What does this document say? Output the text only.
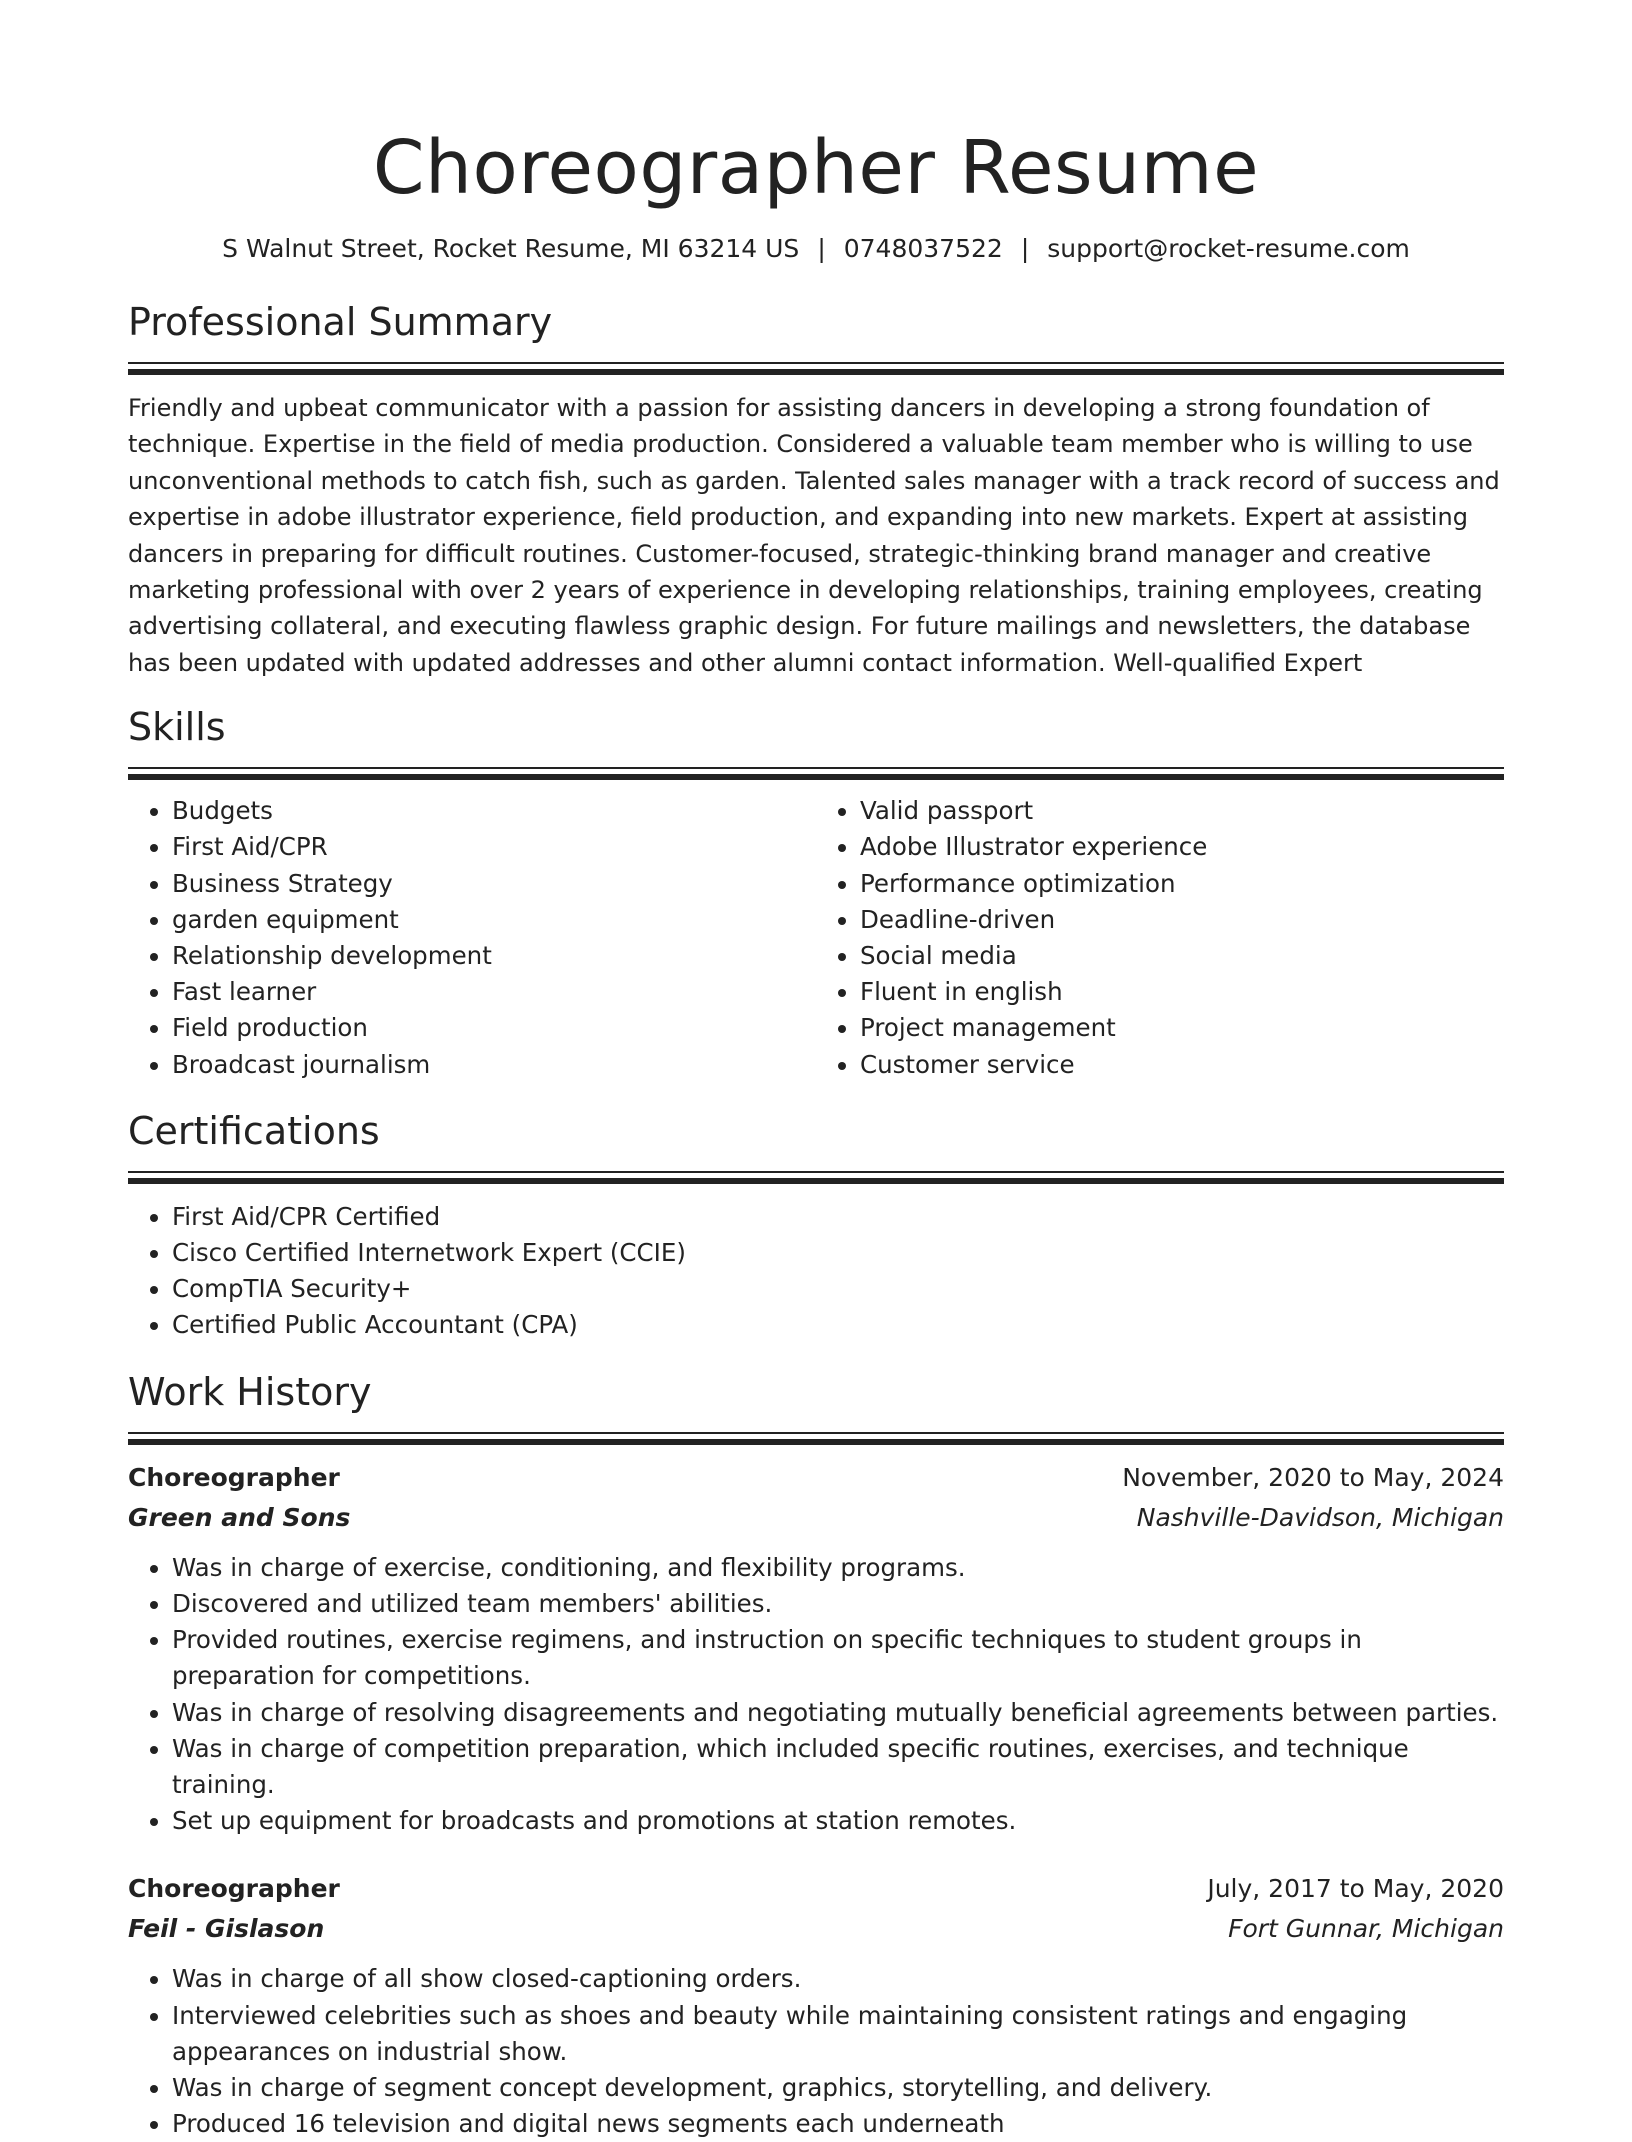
Choreographer Resume
S Walnut Street, Rocket Resume, MI 63214 US | 0748037522 | support@rocket-resume.com
Professional Summary
Friendly and upbeat communicator with a passion for assisting dancers in developing a strong foundation of technique. Expertise in the field of media production. Considered a valuable team member who is willing to use unconventional methods to catch fish, such as garden. Talented sales manager with a track record of success and expertise in adobe illustrator experience, field production, and expanding into new markets. Expert at assisting dancers in preparing for difficult routines. Customer-focused, strategic-thinking brand manager and creative marketing professional with over 2 years of experience in developing relationships, training employees, creating advertising collateral, and executing flawless graphic design. For future mailings and newsletters, the database has been updated with updated addresses and other alumni contact information. Well-qualified Expert
Skills
• Budgets
• First Aid/CPR
• Business Strategy
• garden equipment
• Relationship development
• Fast learner
• Field production
• Broadcast journalism
• Valid passport
• Adobe Illustrator experience
• Performance optimization
• Deadline-driven
• Social media
• Fluent in english
• Project management
• Customer service
Certifications
• First Aid/CPR Certified
• Cisco Certified Internetwork Expert (CCIE)
• CompTIA Security+
• Certified Public Accountant (CPA)
Work History
Choreographer	November, 2020 to May, 2024
Green and Sons	Nashville-Davidson, Michigan
• Was in charge of exercise, conditioning, and flexibility programs.
• Discovered and utilized team members' abilities.
• Provided routines, exercise regimens, and instruction on specific techniques to student groups in preparation for competitions.
• Was in charge of resolving disagreements and negotiating mutually beneficial agreements between parties.
• Was in charge of competition preparation, which included specific routines, exercises, and technique training.
• Set up equipment for broadcasts and promotions at station remotes.
Choreographer	July, 2017 to May, 2020
Feil - Gislason	Fort Gunnar, Michigan
• Was in charge of all show closed-captioning orders.
• Interviewed celebrities such as shoes and beauty while maintaining consistent ratings and engaging appearances on industrial show.
• Was in charge of segment concept development, graphics, storytelling, and delivery.
• Produced 16 television and digital news segments each underneath
